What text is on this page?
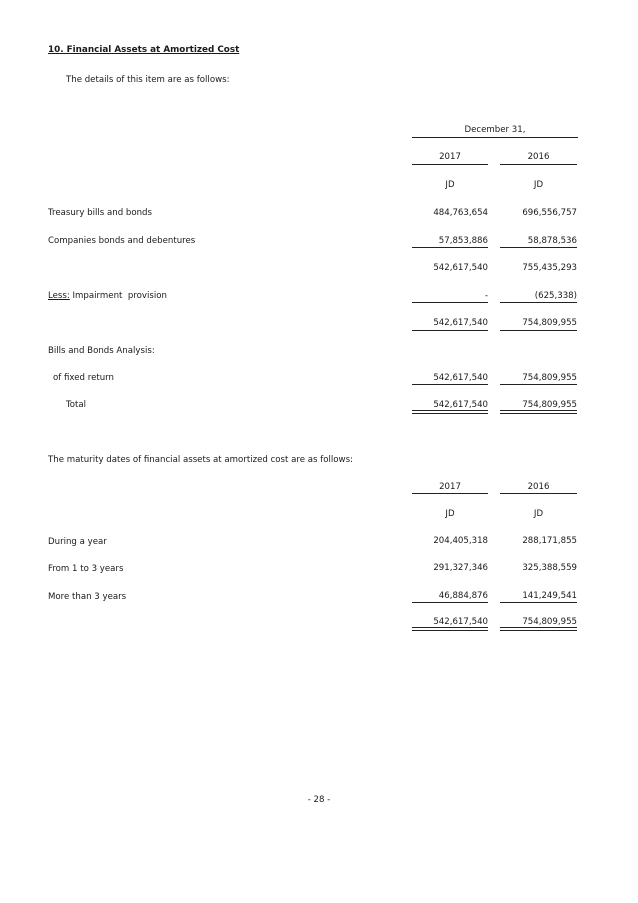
10. Financial Assets at Amortized Cost
The details of this item are as follows:
December 31,
2017	2016
JD	JD
Treasury bills and bonds	484,763,654	696,556,757
Companies bonds and debentures	57,853,886	58,878,536
542,617,540	755,435,293
Less: Impairment  provision	-	(625,338)
542,617,540	754,809,955
Bills and Bonds Analysis:
of fixed return	542,617,540	754,809,955
Total	542,617,540	754,809,955
The maturity dates of financial assets at amortized cost are as follows:
2017	2016
JD	JD
During a year	204,405,318	288,171,855
From 1 to 3 years	291,327,346	325,388,559
More than 3 years	46,884,876	141,249,541
542,617,540	754,809,955
- 28 -
